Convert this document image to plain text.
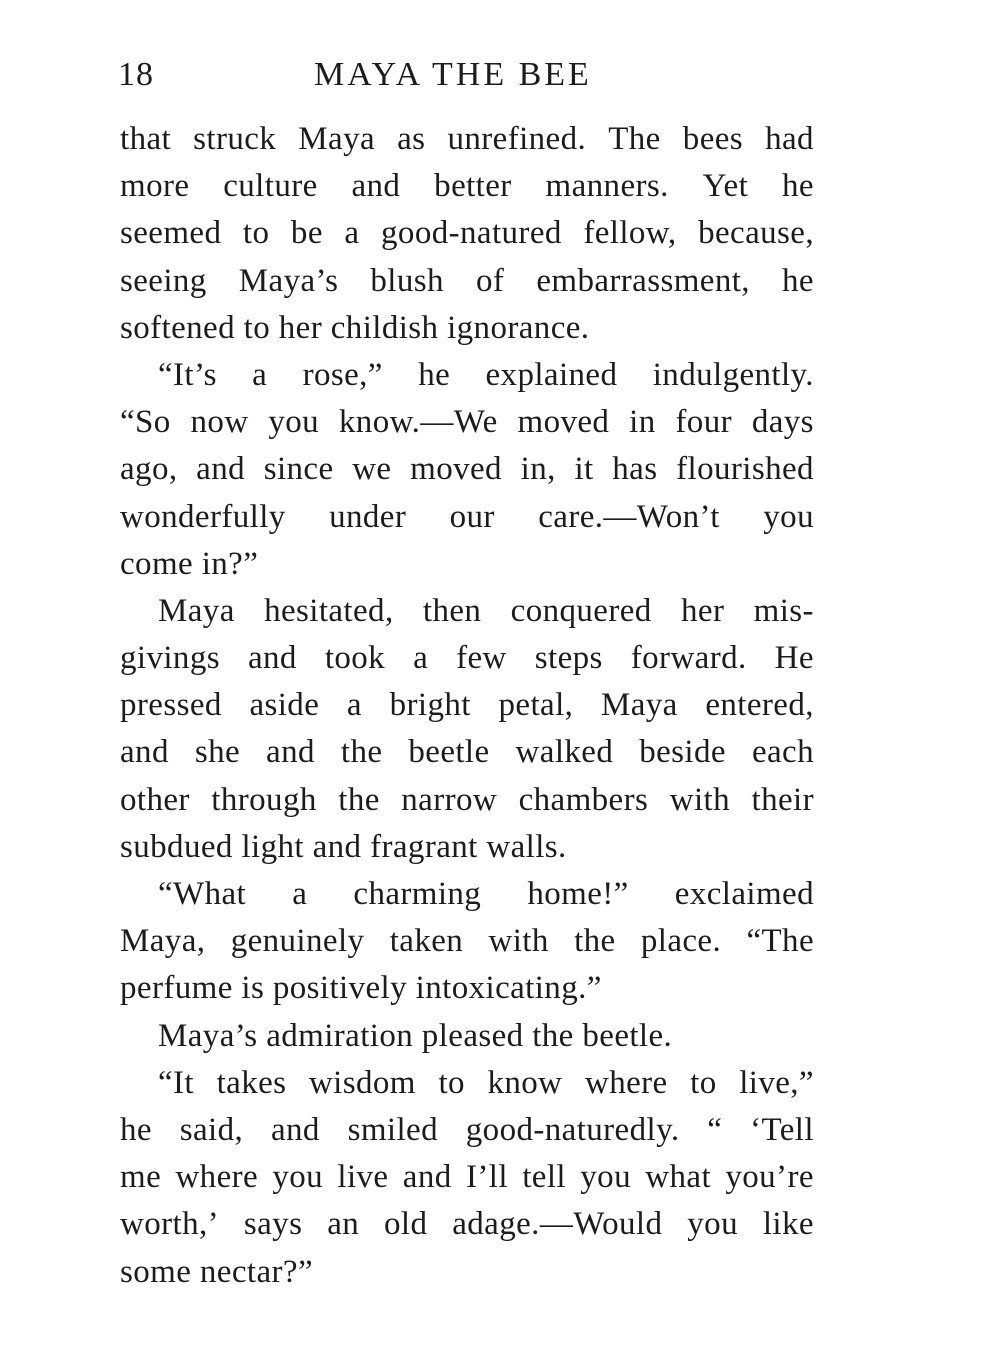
18	MAYA THE BEE
that struck Maya as unrefined. The bees had
more culture and better manners. Yet he
seemed to be a good-natured fellow, because,
seeing Maya’s blush of embarrassment, he
softened to her childish ignorance.
“It’s a rose,” he explained indulgently.
“So now you know.—We moved in four days
ago, and since we moved in, it has flourished
wonderfully under our care.—Won’t you
come in?”
Maya hesitated, then conquered her mis-
givings and took a few steps forward. He
pressed aside a bright petal, Maya entered,
and she and the beetle walked beside each
other through the narrow chambers with their
subdued light and fragrant walls.
“What a charming home!” exclaimed
Maya, genuinely taken with the place. “The
perfume is positively intoxicating.”
Maya’s admiration pleased the beetle.
“It takes wisdom to know where to live,”
he said, and smiled good-naturedly. “ ‘Tell
me where you live and I’ll tell you what you’re
worth,’ says an old adage.—Would you like
some nectar?”
